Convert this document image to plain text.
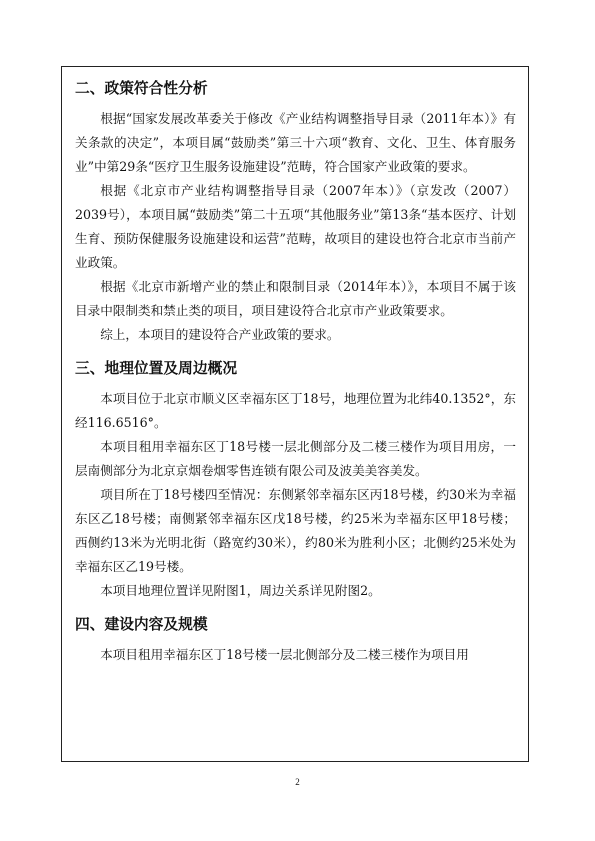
二、政策符合性分析

根据“国家发展改革委关于修改《产业结构调整指导目录（2011年本）》有关条款的决定”，本项目属“鼓励类”第三十六项“教育、文化、卫生、体育服务业”中第29条“医疗卫生服务设施建设”范畴，符合国家产业政策的要求。

根据《北京市产业结构调整指导目录（2007年本）》（京发改（2007）2039号），本项目属“鼓励类”第二十五项“其他服务业”第13条“基本医疗、计划生育、预防保健服务设施建设和运营”范畴，故项目的建设也符合北京市当前产业政策。

根据《北京市新增产业的禁止和限制目录（2014年本）》，本项目不属于该目录中限制类和禁止类的项目，项目建设符合北京市产业政策要求。

综上，本项目的建设符合产业政策的要求。

三、地理位置及周边概况

本项目位于北京市顺义区幸福东区丁18号，地理位置为北纬40.1352°，东经116.6516°。

本项目租用幸福东区丁18号楼一层北侧部分及二楼三楼作为项目用房，一层南侧部分为北京京烟卷烟零售连锁有限公司及波美美容美发。

项目所在丁18号楼四至情况：东侧紧邻幸福东区丙18号楼，约30米为幸福东区乙18号楼；南侧紧邻幸福东区戊18号楼，约25米为幸福东区甲18号楼；西侧约13米为光明北街（路宽约30米），约80米为胜利小区；北侧约25米处为幸福东区乙19号楼。

本项目地理位置详见附图1，周边关系详见附图2。

四、建设内容及规模

本项目租用幸福东区丁18号楼一层北侧部分及二楼三楼作为项目用

2
